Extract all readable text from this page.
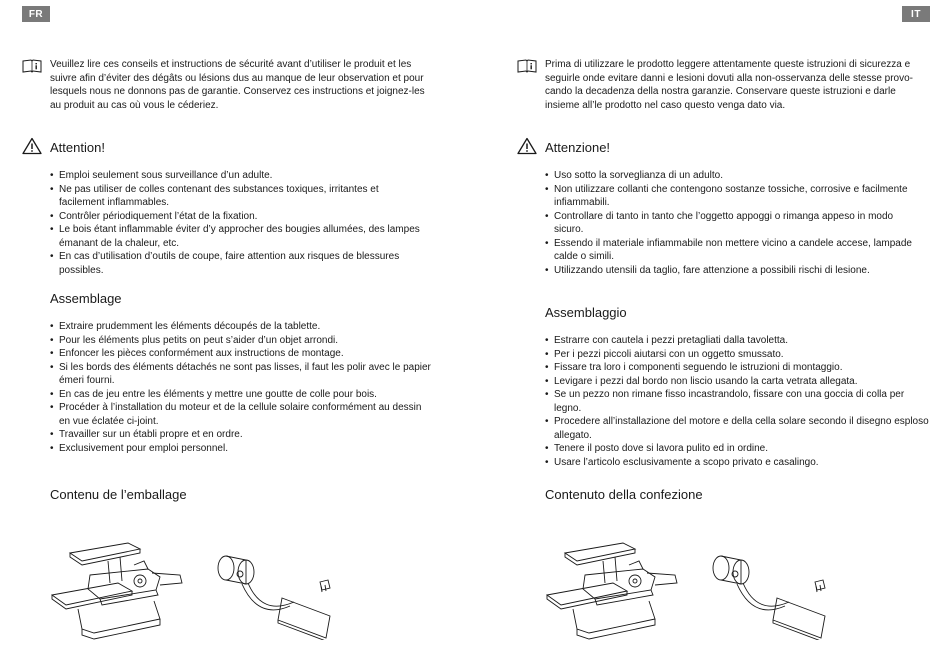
FR	IT

Veuillez lire ces conseils et instructions de sécurité avant d’utiliser le produit et les suivre afin d’éviter des dégâts ou lésions dus au manque de leur observation et pour lesquels nous ne donnons pas de garantie. Conservez ces instructions et joignez-les au produit au cas où vous le céderiez.

Attention!
• Emploi seulement sous surveillance d’un adulte.
• Ne pas utiliser de colles contenant des substances toxiques, irritantes et facilement inflammables.
• Contrôler périodiquement l’état de la fixation.
• Le bois étant inflammable éviter d’y approcher des bougies allumées, des lampes émanant de la chaleur, etc.
• En cas d’utilisation d’outils de coupe, faire attention aux risques de blessures possibles.
Assemblage
• Extraire prudemment les éléments découpés de la tablette.
• Pour les éléments plus petits on peut s’aider d’un objet arrondi.
• Enfoncer les pièces conformément aux instructions de montage.
• Si les bords des éléments détachés ne sont pas lisses, il faut les polir avec le papier émeri fourni.
• En cas de jeu entre les éléments y mettre une goutte de colle pour bois.
• Procéder à l’installation du moteur et de la cellule solaire conformément au dessin en vue éclatée ci-joint.
• Travailler sur un établi propre et en ordre.
• Exclusivement pour emploi personnel.
Contenu de l’emballage

Prima di utilizzare le prodotto leggere attentamente queste istruzioni di sicurezza e seguirle onde evitare danni e lesioni dovuti alla non-osservanza delle stesse provo-cando la decadenza della nostra garanzie. Conservare queste istruzioni e darle insieme all’le prodotto nel caso questo venga dato via.

Attenzione!
• Uso sotto la sorveglianza di un adulto.
• Non utilizzare collanti che contengono sostanze tossiche, corrosive e facilmente infiammabili.
• Controllare di tanto in tanto che l’oggetto appoggi o rimanga appeso in modo sicuro.
• Essendo il materiale infiammabile non mettere vicino a candele accese, lampade calde o simili.
• Utilizzando utensili da taglio, fare attenzione a possibili rischi di lesione.
Assemblaggio
• Estrarre con cautela i pezzi pretagliati dalla tavoletta.
• Per i pezzi piccoli aiutarsi con un oggetto smussato.
• Fissare tra loro i componenti seguendo le istruzioni di montaggio.
• Levigare i pezzi dal bordo non liscio usando la carta vetrata allegata.
• Se un pezzo non rimane fisso incastrandolo, fissare con una goccia di colla per legno.
• Procedere all’installazione del motore e della cella solare secondo il disegno esploso allegato.
• Tenere il posto dove si lavora pulito ed in ordine.
• Usare l’articolo esclusivamente a scopo privato e casalingo.
Contenuto della confezione
